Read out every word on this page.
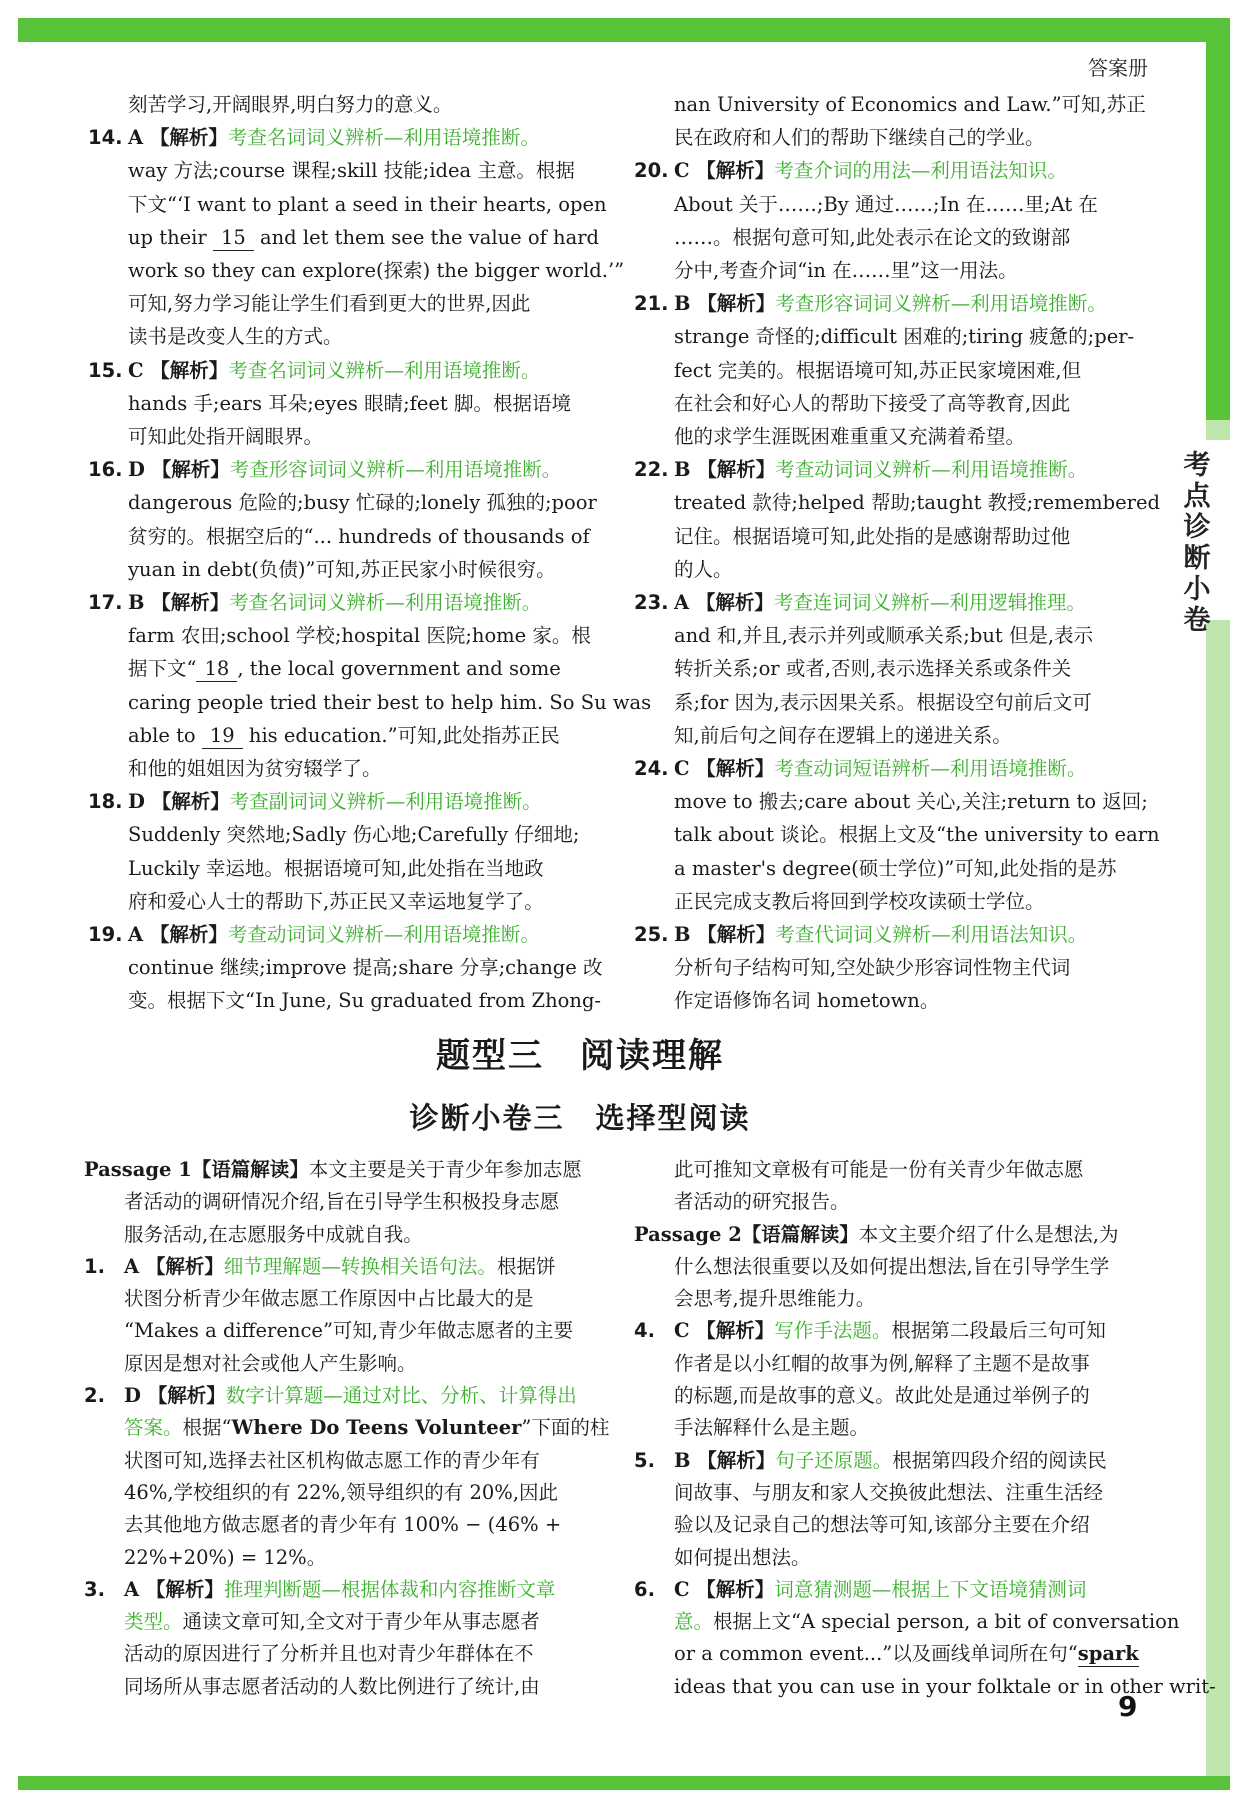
考点诊断小卷
答案册
刻苦学习,开阔眼界,明白努力的意义。
14. A 【解析】考查名词词义辨析—利用语境推断。
way 方法;course 课程;skill 技能;idea 主意。根据
下文“‘I want to plant a seed in their hearts, open
up their 15 and let them see the value of hard
work so they can explore(探索) the bigger world.’”
可知,努力学习能让学生们看到更大的世界,因此
读书是改变人生的方式。
15. C 【解析】考查名词词义辨析—利用语境推断。
hands 手;ears 耳朵;eyes 眼睛;feet 脚。根据语境
可知此处指开阔眼界。
16. D 【解析】考查形容词词义辨析—利用语境推断。
dangerous 危险的;busy 忙碌的;lonely 孤独的;poor
贫穷的。根据空后的“... hundreds of thousands of
yuan in debt(负债)”可知,苏正民家小时候很穷。
17. B 【解析】考查名词词义辨析—利用语境推断。
farm 农田;school 学校;hospital 医院;home 家。根
据下文“ 18 , the local government and some
caring people tried their best to help him. So Su was
able to 19 his education.”可知,此处指苏正民
和他的姐姐因为贫穷辍学了。
18. D 【解析】考查副词词义辨析—利用语境推断。
Suddenly 突然地;Sadly 伤心地;Carefully 仔细地;
Luckily 幸运地。根据语境可知,此处指在当地政
府和爱心人士的帮助下,苏正民又幸运地复学了。
19. A 【解析】考查动词词义辨析—利用语境推断。
continue 继续;improve 提高;share 分享;change 改
变。根据下文“In June, Su graduated from Zhong-
nan University of Economics and Law.”可知,苏正
民在政府和人们的帮助下继续自己的学业。
20. C 【解析】考查介词的用法—利用语法知识。
About 关于……;By 通过……;In 在……里;At 在
……。根据句意可知,此处表示在论文的致谢部
分中,考查介词“in 在……里”这一用法。
21. B 【解析】考查形容词词义辨析—利用语境推断。
strange 奇怪的;difficult 困难的;tiring 疲惫的;per-
fect 完美的。根据语境可知,苏正民家境困难,但
在社会和好心人的帮助下接受了高等教育,因此
他的求学生涯既困难重重又充满着希望。
22. B 【解析】考查动词词义辨析—利用语境推断。
treated 款待;helped 帮助;taught 教授;remembered
记住。根据语境可知,此处指的是感谢帮助过他
的人。
23. A 【解析】考查连词词义辨析—利用逻辑推理。
and 和,并且,表示并列或顺承关系;but 但是,表示
转折关系;or 或者,否则,表示选择关系或条件关
系;for 因为,表示因果关系。根据设空句前后文可
知,前后句之间存在逻辑上的递进关系。
24. C 【解析】考查动词短语辨析—利用语境推断。
move to 搬去;care about 关心,关注;return to 返回;
talk about 谈论。根据上文及“the university to earn
a master's degree(硕士学位)”可知,此处指的是苏
正民完成支教后将回到学校攻读硕士学位。
25. B 【解析】考查代词词义辨析—利用语法知识。
分析句子结构可知,空处缺少形容词性物主代词
作定语修饰名词 hometown。
题型三　阅读理解
诊断小卷三　选择型阅读
Passage 1【语篇解读】本文主要是关于青少年参加志愿
者活动的调研情况介绍,旨在引导学生积极投身志愿
服务活动,在志愿服务中成就自我。
1. A 【解析】细节理解题—转换相关语句法。根据饼
状图分析青少年做志愿工作原因中占比最大的是
“Makes a difference”可知,青少年做志愿者的主要
原因是想对社会或他人产生影响。
2. D 【解析】数字计算题—通过对比、分析、计算得出
答案。根据“Where Do Teens Volunteer”下面的柱
状图可知,选择去社区机构做志愿工作的青少年有
46%,学校组织的有 22%,领导组织的有 20%,因此
去其他地方做志愿者的青少年有 100% − (46% +
22%+20%) = 12%。
3. A 【解析】推理判断题—根据体裁和内容推断文章
类型。通读文章可知,全文对于青少年从事志愿者
活动的原因进行了分析并且也对青少年群体在不
同场所从事志愿者活动的人数比例进行了统计,由
此可推知文章极有可能是一份有关青少年做志愿
者活动的研究报告。
Passage 2【语篇解读】本文主要介绍了什么是想法,为
什么想法很重要以及如何提出想法,旨在引导学生学
会思考,提升思维能力。
4. C 【解析】写作手法题。根据第二段最后三句可知
作者是以小红帽的故事为例,解释了主题不是故事
的标题,而是故事的意义。故此处是通过举例子的
手法解释什么是主题。
5. B 【解析】句子还原题。根据第四段介绍的阅读民
间故事、与朋友和家人交换彼此想法、注重生活经
验以及记录自己的想法等可知,该部分主要在介绍
如何提出想法。
6. C 【解析】词意猜测题—根据上下文语境猜测词
意。根据上文“A special person, a bit of conversation
or a common event...”以及画线单词所在句“spark
ideas that you can use in your folktale or in other writ-
9
